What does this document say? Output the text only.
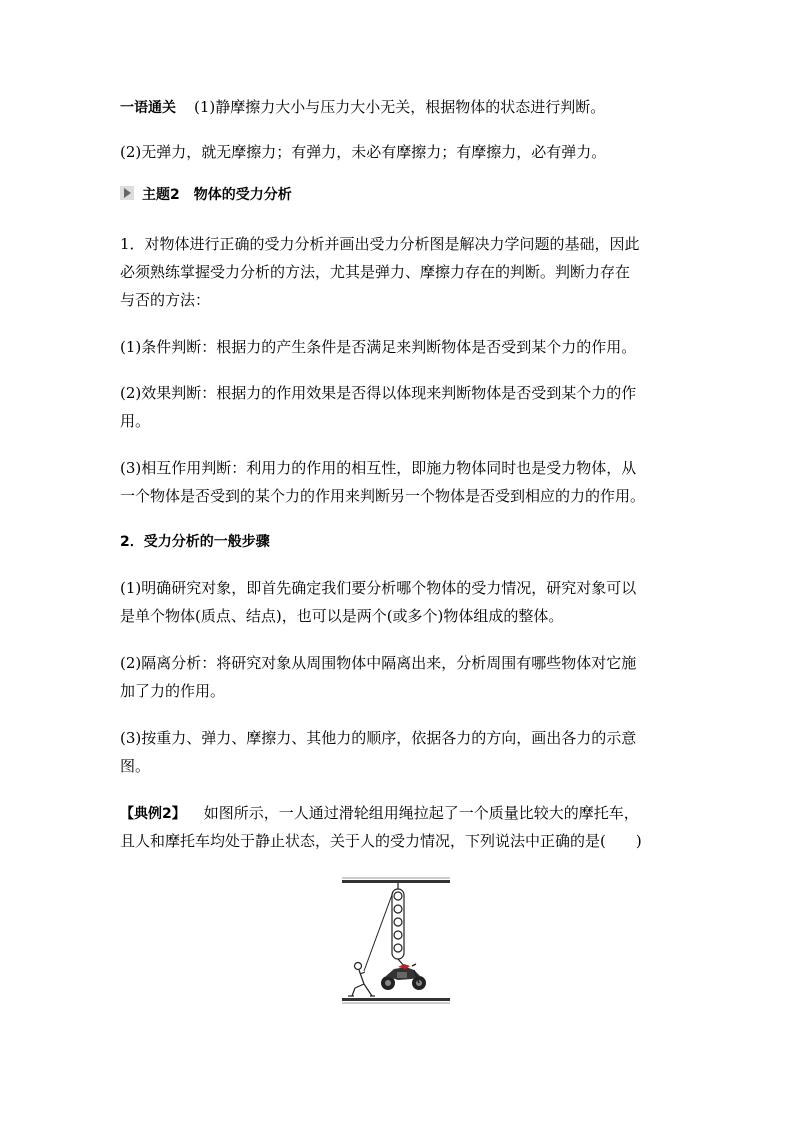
一语通关 (1)静摩擦力大小与压力大小无关，根据物体的状态进行判断。

(2)无弹力，就无摩擦力；有弹力，未必有摩擦力；有摩擦力，必有弹力。

主题2　物体的受力分析

1．对物体进行正确的受力分析并画出受力分析图是解决力学问题的基础，因此

必须熟练掌握受力分析的方法，尤其是弹力、摩擦力存在的判断。判断力存在

与否的方法：

(1)条件判断：根据力的产生条件是否满足来判断物体是否受到某个力的作用。

(2)效果判断：根据力的作用效果是否得以体现来判断物体是否受到某个力的作

用。

(3)相互作用判断：利用力的作用的相互性，即施力物体同时也是受力物体，从

一个物体是否受到的某个力的作用来判断另一个物体是否受到相应的力的作用。

2．受力分析的一般步骤

(1)明确研究对象，即首先确定我们要分析哪个物体的受力情况，研究对象可以

是单个物体(质点、结点)，也可以是两个(或多个)物体组成的整体。

(2)隔离分析：将研究对象从周围物体中隔离出来，分析周围有哪些物体对它施

加了力的作用。

(3)按重力、弹力、摩擦力、其他力的顺序，依据各力的方向，画出各力的示意

图。

【典例2】 如图所示，一人通过滑轮组用绳拉起了一个质量比较大的摩托车，

且人和摩托车均处于静止状态，关于人的受力情况，下列说法中正确的是(　　)
